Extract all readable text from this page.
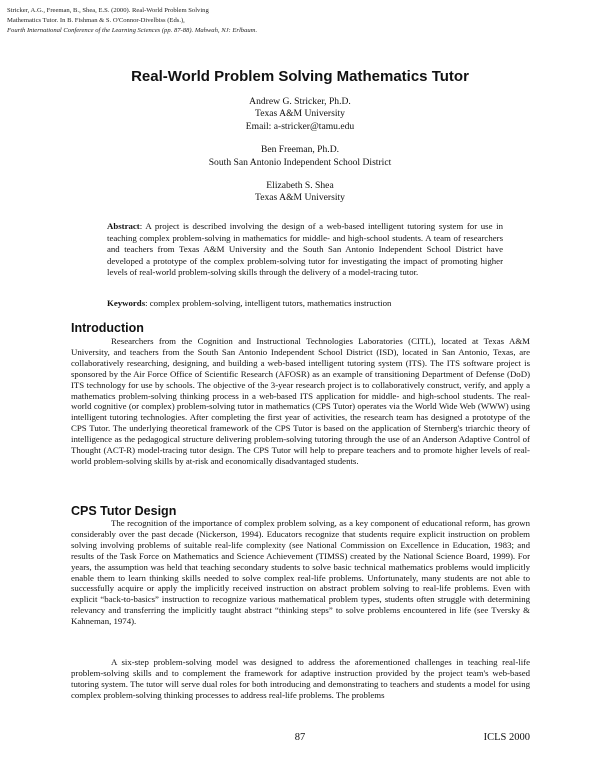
Stricker, A.G., Freeman, B., Shea, E.S. (2000). Real-World Problem Solving
Mathematics Tutor. In B. Fishman & S. O'Connor-Divelbiss (Eds.),
Fourth International Conference of the Learning Sciences (pp. 87-88). Mahwah, NJ: Erlbaum.
Real-World Problem Solving Mathematics Tutor
Andrew G. Stricker, Ph.D.
Texas A&M University
Email: a-stricker@tamu.edu
Ben Freeman, Ph.D.
South San Antonio Independent School District
Elizabeth S. Shea
Texas A&M University
Abstract: A project is described involving the design of a web-based intelligent tutoring system for use in teaching complex problem-solving in mathematics for middle- and high-school students. A team of researchers and teachers from Texas A&M University and the South San Antonio Independent School District have developed a prototype of the complex problem-solving tutor for investigating the impact of promoting higher levels of real-world problem-solving skills through the delivery of a model-tracing tutor.
Keywords: complex problem-solving, intelligent tutors, mathematics instruction
Introduction

Researchers from the Cognition and Instructional Technologies Laboratories (CITL), located at Texas A&M University, and teachers from the South San Antonio Independent School District (ISD), located in San Antonio, Texas, are collaboratively researching, designing, and building a web-based intelligent tutoring system (ITS). The ITS software project is sponsored by the Air Force Office of Scientific Research (AFOSR) as an example of transitioning Department of Defense (DoD) ITS technology for use by schools. The objective of the 3-year research project is to collaboratively construct, verify, and apply a mathematics problem-solving thinking process in a web-based ITS application for middle- and high-school students. The real-world cognitive (or complex) problem-solving tutor in mathematics (CPS Tutor) operates via the World Wide Web (WWW) using intelligent tutoring technologies. After completing the first year of activities, the research team has designed a prototype of the CPS Tutor. The underlying theoretical framework of the CPS Tutor is based on the application of Sternberg's triarchic theory of intelligence as the pedagogical structure delivering problem-solving tutoring through the use of an Anderson Adaptive Control of Thought (ACT-R) model-tracing tutor design. The CPS Tutor will help to prepare teachers and to promote higher levels of real-world problem-solving skills by at-risk and economically disadvantaged students.

CPS Tutor Design

The recognition of the importance of complex problem solving, as a key component of educational reform, has grown considerably over the past decade (Nickerson, 1994). Educators recognize that students require explicit instruction on problem solving involving problems of suitable real-life complexity (see National Commission on Excellence in Education, 1983; and results of the Task Force on Mathematics and Science Achievement (TIMSS) created by the National Science Board, 1999). For years, the assumption was held that teaching secondary students to solve basic technical mathematics problems would implicitly enable them to learn thinking skills needed to solve complex real-life problems. Unfortunately, many students are not able to successfully acquire or apply the implicitly received instruction on abstract problem solving to real-life problems. Even with explicit “back-to-basics” instruction to recognize various mathematical problem types, students often struggle with determining relevancy and transferring the implicitly taught abstract “thinking steps” to solve problems encountered in life (see Tversky & Kahneman, 1974).

A six-step problem-solving model was designed to address the aforementioned challenges in teaching real-life problem-solving skills and to complement the framework for adaptive instruction provided by the project team's web-based tutoring system. The tutor will serve dual roles for both introducing and demonstrating to teachers and students a model for using complex problem-solving thinking processes to address real-life problems. The problems

87	ICLS 2000
